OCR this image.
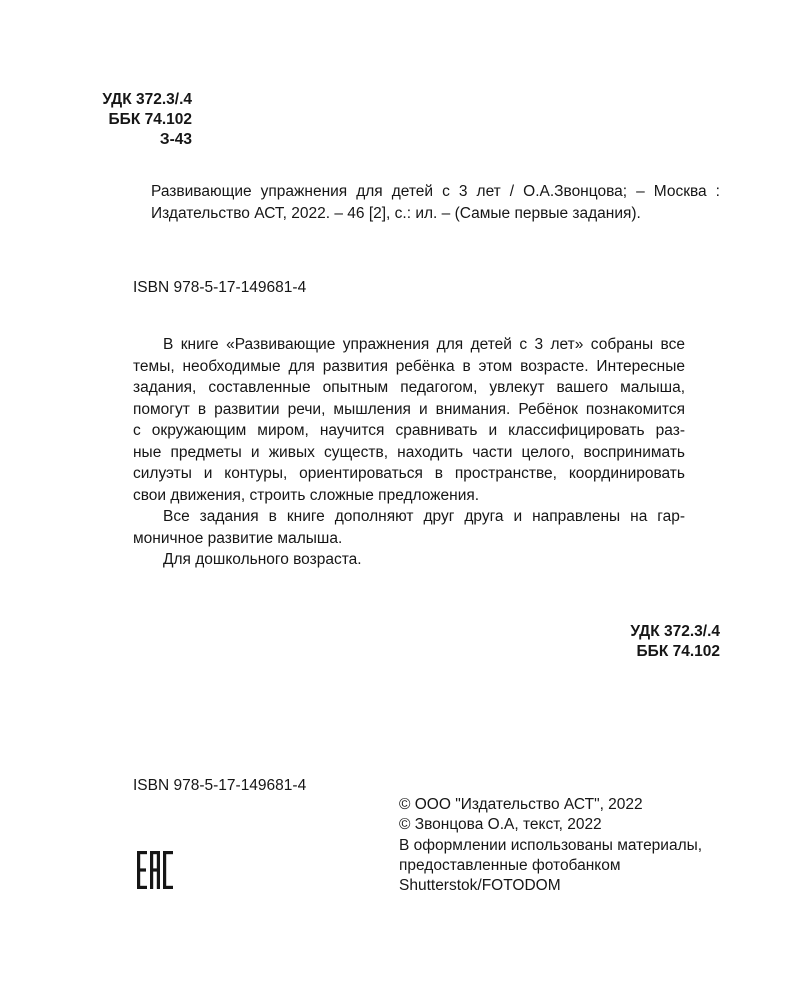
УДК 372.3/.4
ББК 74.102
З-43
Развивающие упражнения для детей с 3 лет / О.А.Звонцова; – Москва :
Издательство АСТ, 2022. – 46 [2], с.: ил. – (Самые первые задания).
ISBN 978-5-17-149681-4
В книге «Развивающие упражнения для детей с 3 лет» собраны все
темы, необходимые для развития ребёнка в этом возрасте. Интересные
задания, составленные опытным педагогом, увлекут вашего малыша,
помогут в развитии речи, мышления и внимания. Ребёнок познакомится
с окружающим миром, научится сравнивать и классифицировать раз-
ные предметы и живых существ, находить части целого, воспринимать
силуэты и контуры, ориентироваться в пространстве, координировать
свои движения, строить сложные предложения.
Все задания в книге дополняют друг друга и направлены на гар-
моничное развитие малыша.
Для дошкольного возраста.
УДК 372.3/.4
ББК 74.102
ISBN 978-5-17-149681-4
© ООО "Издательство АСТ", 2022
© Звонцова О.А, текст, 2022
В оформлении использованы материалы,
предоставленные фотобанком
Shutterstok/FOTODOM
